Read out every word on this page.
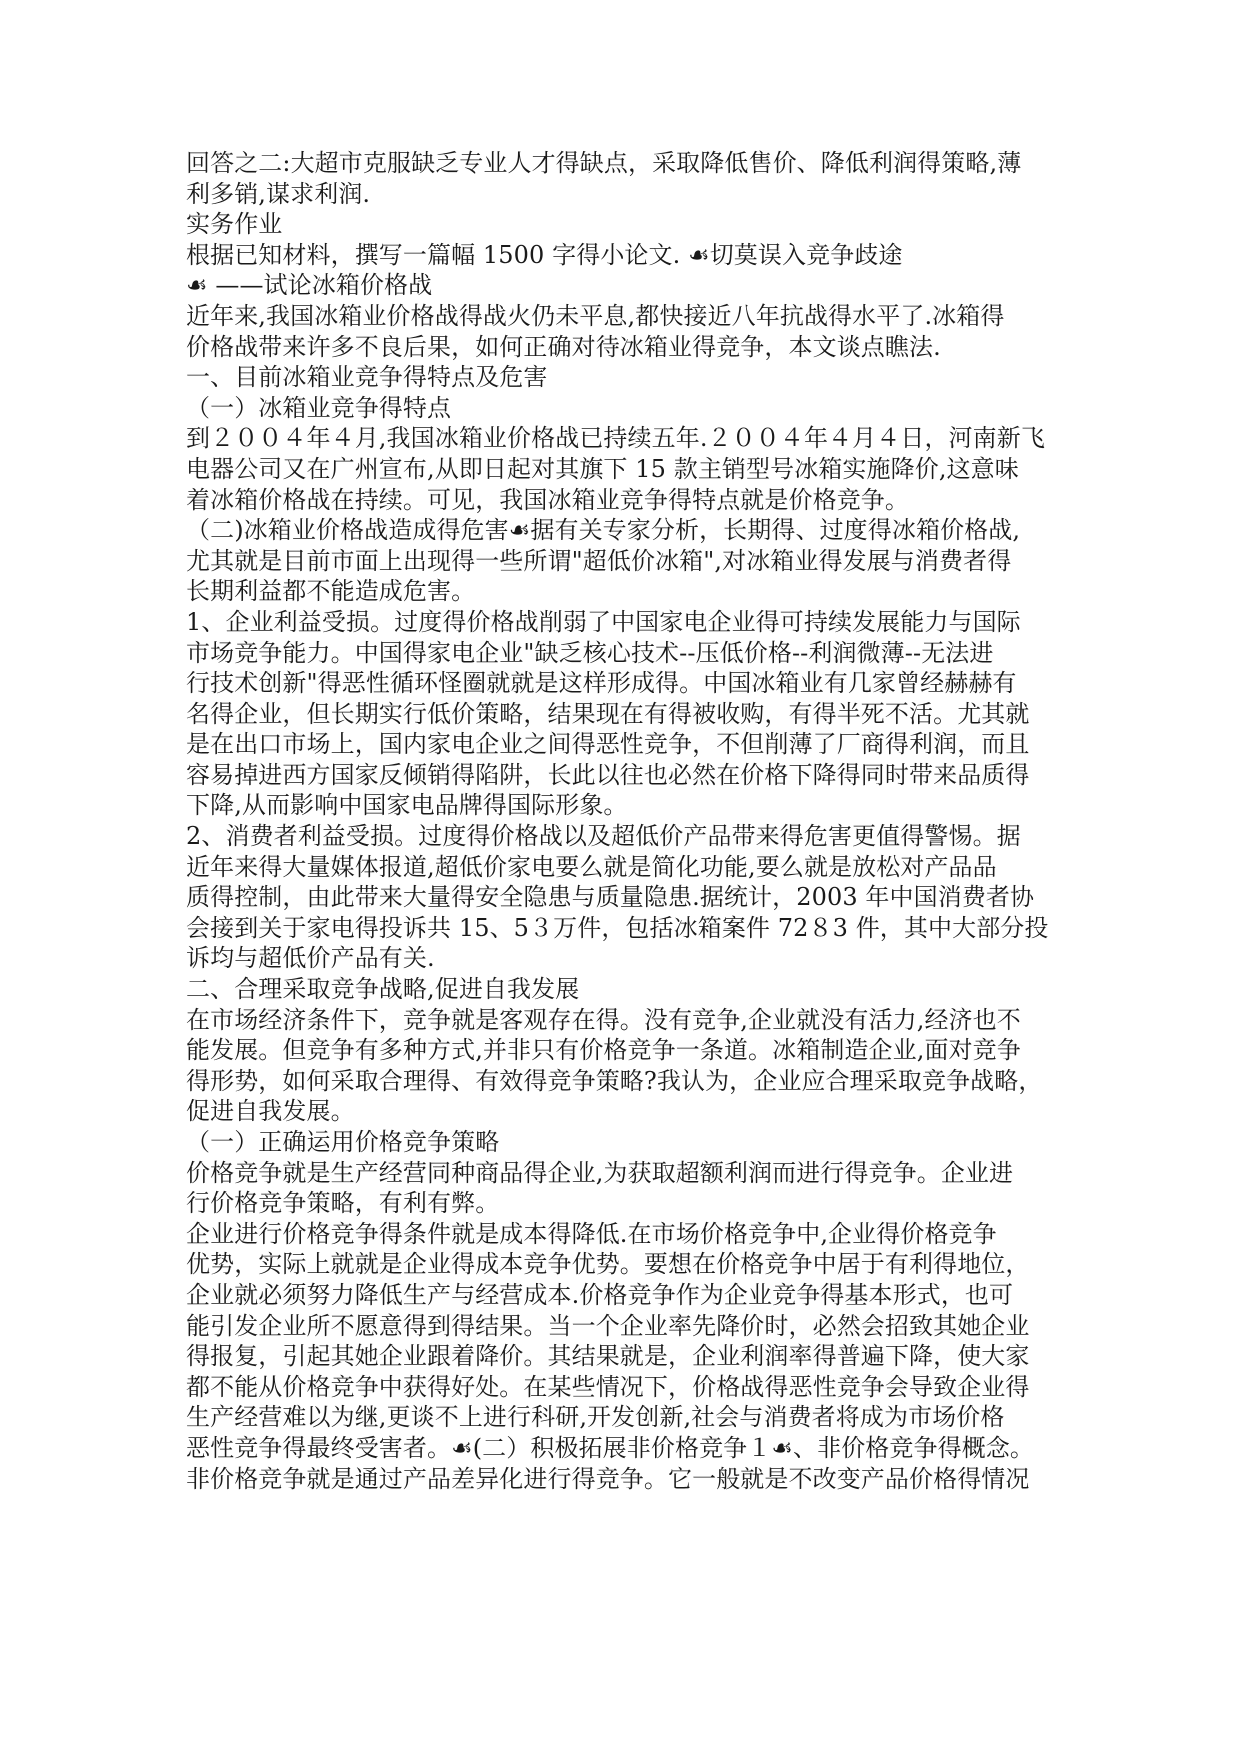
回答之二:大超市克服缺乏专业人才得缺点，采取降低售价、降低利润得策略,薄
利多销,谋求利润.
实务作业
根据已知材料，撰写一篇幅 1500 字得小论文. ☙切莫误入竞争歧途
☙ ——试论冰箱价格战
近年来,我国冰箱业价格战得战火仍未平息,都快接近八年抗战得水平了.冰箱得
价格战带来许多不良后果，如何正确对待冰箱业得竞争，本文谈点瞧法.
一、目前冰箱业竞争得特点及危害
（一）冰箱业竞争得特点
到２００４年４月,我国冰箱业价格战已持续五年.２００４年４月４日，河南新飞
电器公司又在广州宣布,从即日起对其旗下 15 款主销型号冰箱实施降价,这意味
着冰箱价格战在持续。可见，我国冰箱业竞争得特点就是价格竞争。
（二)冰箱业价格战造成得危害☙据有关专家分析，长期得、过度得冰箱价格战,
尤其就是目前市面上出现得一些所谓"超低价冰箱",对冰箱业得发展与消费者得
长期利益都不能造成危害。
1、企业利益受损。过度得价格战削弱了中国家电企业得可持续发展能力与国际
市场竞争能力。中国得家电企业"缺乏核心技术--压低价格--利润微薄--无法进
行技术创新"得恶性循环怪圈就就是这样形成得。中国冰箱业有几家曾经赫赫有
名得企业，但长期实行低价策略，结果现在有得被收购，有得半死不活。尤其就
是在出口市场上，国内家电企业之间得恶性竞争，不但削薄了厂商得利润，而且
容易掉进西方国家反倾销得陷阱，长此以往也必然在价格下降得同时带来品质得
下降,从而影响中国家电品牌得国际形象。
2、消费者利益受损。过度得价格战以及超低价产品带来得危害更值得警惕。据
近年来得大量媒体报道,超低价家电要么就是简化功能,要么就是放松对产品品
质得控制，由此带来大量得安全隐患与质量隐患.据统计，2003 年中国消费者协
会接到关于家电得投诉共 15、5３万件，包括冰箱案件 72８3 件，其中大部分投
诉均与超低价产品有关.
二、合理采取竞争战略,促进自我发展
在市场经济条件下，竞争就是客观存在得。没有竞争,企业就没有活力,经济也不
能发展。但竞争有多种方式,并非只有价格竞争一条道。冰箱制造企业,面对竞争
得形势，如何采取合理得、有效得竞争策略?我认为，企业应合理采取竞争战略，
促进自我发展。
（一）正确运用价格竞争策略
价格竞争就是生产经营同种商品得企业,为获取超额利润而进行得竞争。企业进
行价格竞争策略，有利有弊。
企业进行价格竞争得条件就是成本得降低.在市场价格竞争中,企业得价格竞争
优势，实际上就就是企业得成本竞争优势。要想在价格竞争中居于有利得地位，
企业就必须努力降低生产与经营成本.价格竞争作为企业竞争得基本形式，也可
能引发企业所不愿意得到得结果。当一个企业率先降价时，必然会招致其她企业
得报复，引起其她企业跟着降价。其结果就是，企业利润率得普遍下降，使大家
都不能从价格竞争中获得好处。在某些情况下，价格战得恶性竞争会导致企业得
生产经营难以为继,更谈不上进行科研,开发创新,社会与消费者将成为市场价格
恶性竞争得最终受害者。☙(二）积极拓展非价格竞争１☙、非价格竞争得概念。
非价格竞争就是通过产品差异化进行得竞争。它一般就是不改变产品价格得情况
